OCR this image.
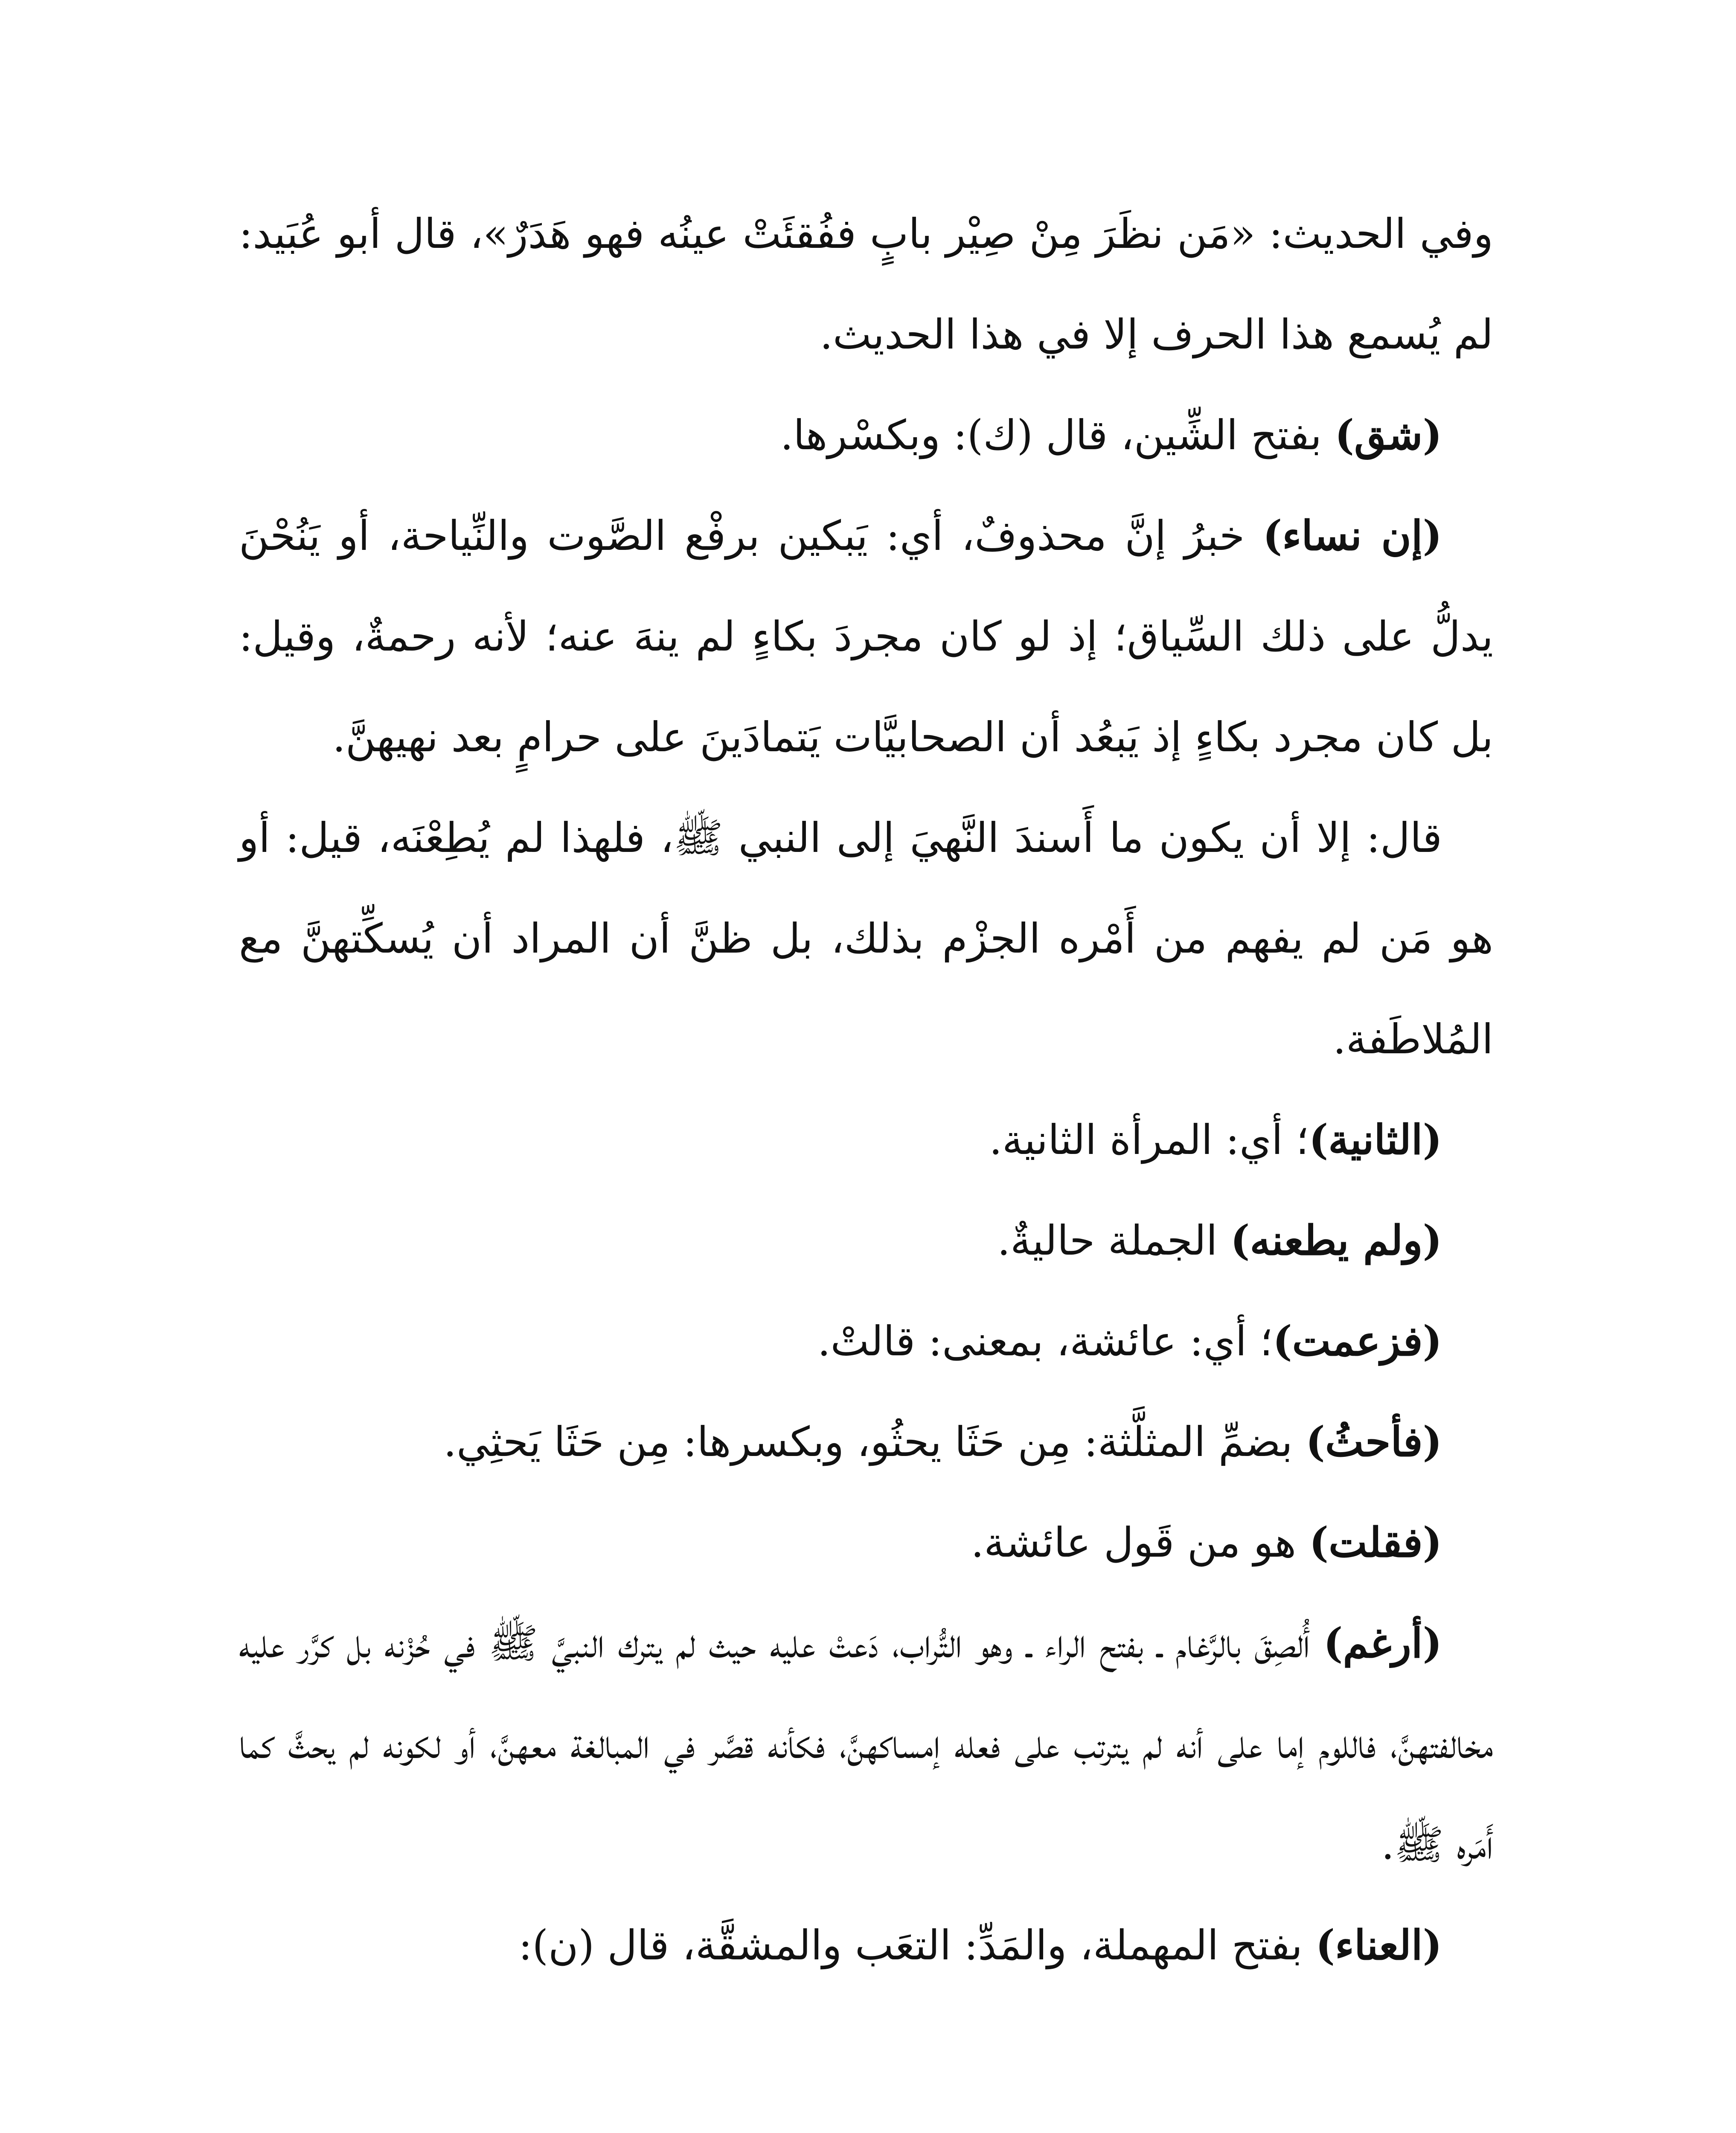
وفي الحديث: «مَن نظَرَ مِنْ صِيْر بابٍ ففُقئَتْ عينُه فهو هَدَرٌ»، قال أبو عُبَيد: لم يُسمع هذا الحرف إلا في هذا الحديث.

(شق) بفتح الشِّين، قال (ك): وبكسْرها.

(إن نساء) خبرُ إنَّ محذوفٌ، أي: يَبكين برفْع الصَّوت والنِّياحة، أو يَنُحْنَ يدلُّ على ذلك السِّياق؛ إذ لو كان مجردَ بكاءٍ لم ينهَ عنه؛ لأنه رحمةٌ، وقيل: بل كان مجرد بكاءٍ إذ يَبعُد أن الصحابيَّات يَتمادَينَ على حرامٍ بعد نهيهنَّ.

قال: إلا أن يكون ما أَسندَ النَّهيَ إلى النبي ﷺ، فلهذا لم يُطِعْنَه، قيل: أو هو مَن لم يفهم من أَمْره الجزْم بذلك، بل ظنَّ أن المراد أن يُسكِّتهنَّ مع المُلاطَفة.

(الثانية)؛ أي: المرأة الثانية.

(ولم يطعنه) الجملة حاليةٌ.

(فزعمت)؛ أي: عائشة، بمعنى: قالتْ.

(فأحثُ) بضمِّ المثلَّثة: مِن حَثَا يحثُو، وبكسرها: مِن حَثَا يَحثِي.

(فقلت) هو من قَول عائشة.

(أرغم) أُلصِقَ بالرَّغام ـ بفتح الراء ـ وهو التُّراب، دَعتْ عليه حيث لم يترك النبيَّ ﷺ في حُزْنه بل كرَّر عليه مخالفتهنَّ، فاللوم إما على أنه لم يترتب على فعله إمساكهنَّ، فكأنه قصَّر في المبالغة معهنَّ، أو لكونه لم يحثَّ كما أَمَره ﷺ.

(العناء) بفتح المهملة، والمَدِّ: التعَب والمشقَّة، قال (ن):
